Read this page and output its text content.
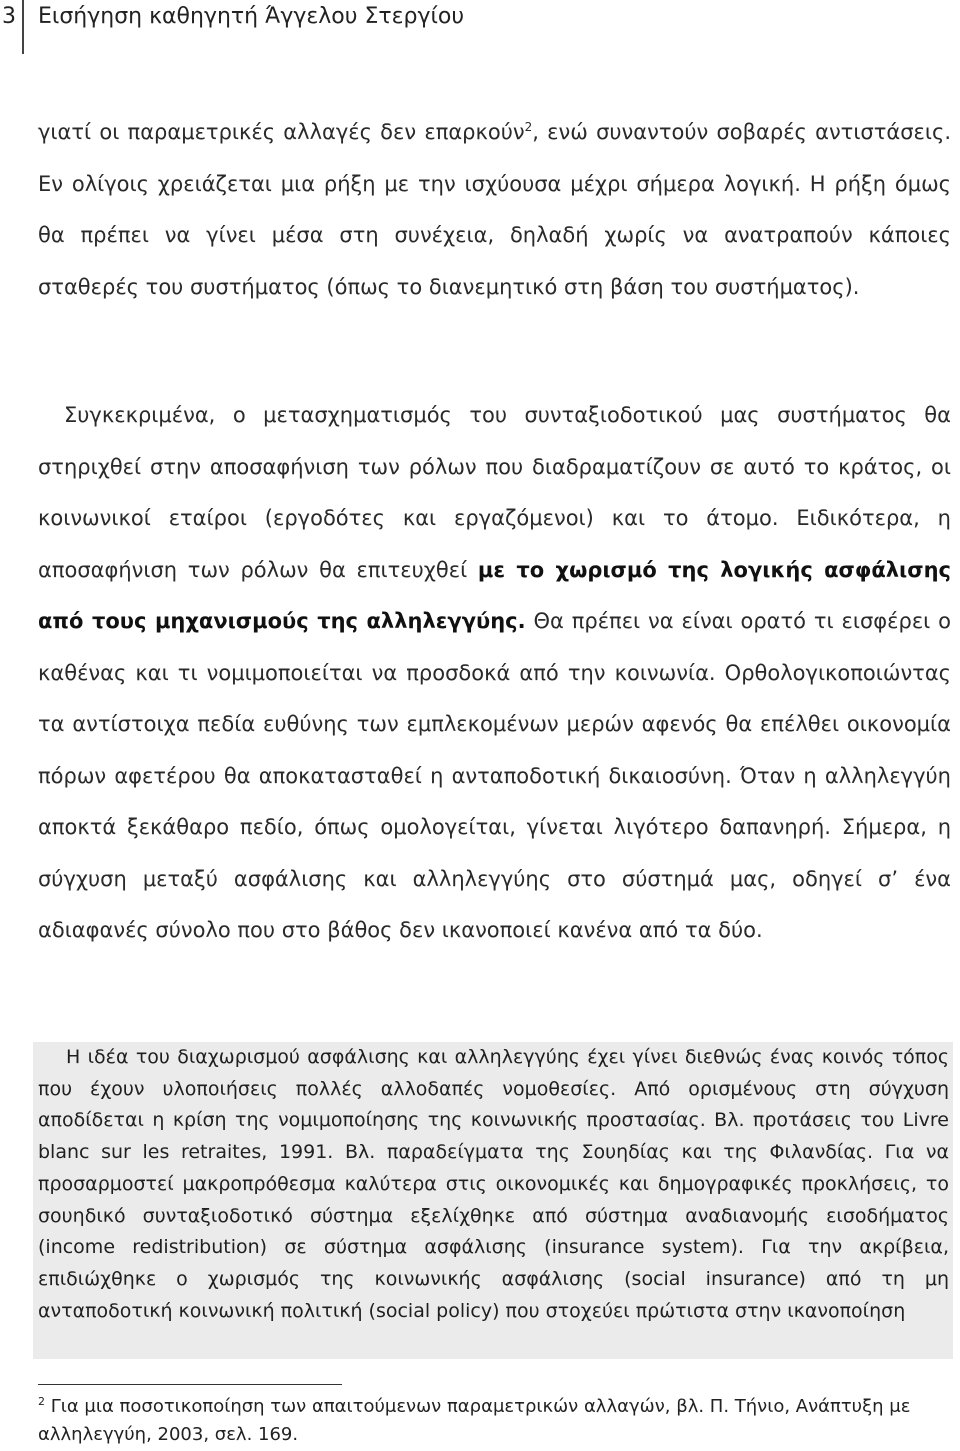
3 Εισήγηση καθηγητή Άγγελου Στεργίου

γιατί οι παραμετρικές αλλαγές δεν επαρκούν$^2$, ενώ συναντούν σοβαρές αντιστάσεις. Εν ολίγοις χρειάζεται μια ρήξη με την ισχύουσα μέχρι σήμερα λογική. Η ρήξη όμως θα πρέπει να γίνει μέσα στη συνέχεια, δηλαδή χωρίς να ανατραπούν κάποιες σταθερές του συστήματος (όπως το διανεμητικό στη βάση του συστήματος).

Συγκεκριμένα, ο μετασχηματισμός του συνταξιοδοτικού μας συστήματος θα στηριχθεί στην αποσαφήνιση των ρόλων που διαδραματίζουν σε αυτό το κράτος, οι κοινωνικοί εταίροι (εργοδότες και εργαζόμενοι) και το άτομο. Ειδικότερα, η αποσαφήνιση των ρόλων θα επιτευχθεί με το χωρισμό της λογικής ασφάλισης από τους μηχανισμούς της αλληλεγγύης. Θα πρέπει να είναι ορατό τι εισφέρει ο καθένας και τι νομιμοποιείται να προσδοκά από την κοινωνία. Ορθολογικοποιώντας τα αντίστοιχα πεδία ευθύνης των εμπλεκομένων μερών αφενός θα επέλθει οικονομία πόρων αφετέρου θα αποκατασταθεί η ανταποδοτική δικαιοσύνη. Όταν η αλληλεγγύη αποκτά ξεκάθαρο πεδίο, όπως ομολογείται, γίνεται λιγότερο δαπανηρή. Σήμερα, η σύγχυση μεταξύ ασφάλισης και αλληλεγγύης στο σύστημά μας, οδηγεί σ’ ένα αδιαφανές σύνολο που στο βάθος δεν ικανοποιεί κανένα από τα δύο.

Η ιδέα του διαχωρισμού ασφάλισης και αλληλεγγύης έχει γίνει διεθνώς ένας κοινός τόπος που έχουν υλοποιήσεις πολλές αλλοδαπές νομοθεσίες. Από ορισμένους στη σύγχυση αποδίδεται η κρίση της νομιμοποίησης της κοινωνικής προστασίας. Βλ. προτάσεις του Livre blanc sur les retraites, 1991. Βλ. παραδείγματα της Σουηδίας και της Φιλανδίας. Για να προσαρμοστεί μακροπρόθεσμα καλύτερα στις οικονομικές και δημογραφικές προκλήσεις, το σουηδικό συνταξιοδοτικό σύστημα εξελίχθηκε από σύστημα αναδιανομής εισοδήματος (income redistribution) σε σύστημα ασφάλισης (insurance system). Για την ακρίβεια, επιδιώχθηκε ο χωρισμός της κοινωνικής ασφάλισης (social insurance) από τη μη ανταποδοτική κοινωνική πολιτική (social policy) που στοχεύει πρώτιστα στην ικανοποίηση
$^2$ Για μια ποσοτικοποίηση των απαιτούμενων παραμετρικών αλλαγών, βλ. Π. Τήνιο, Ανάπτυξη με αλληλεγγύη, 2003, σελ. 169.
